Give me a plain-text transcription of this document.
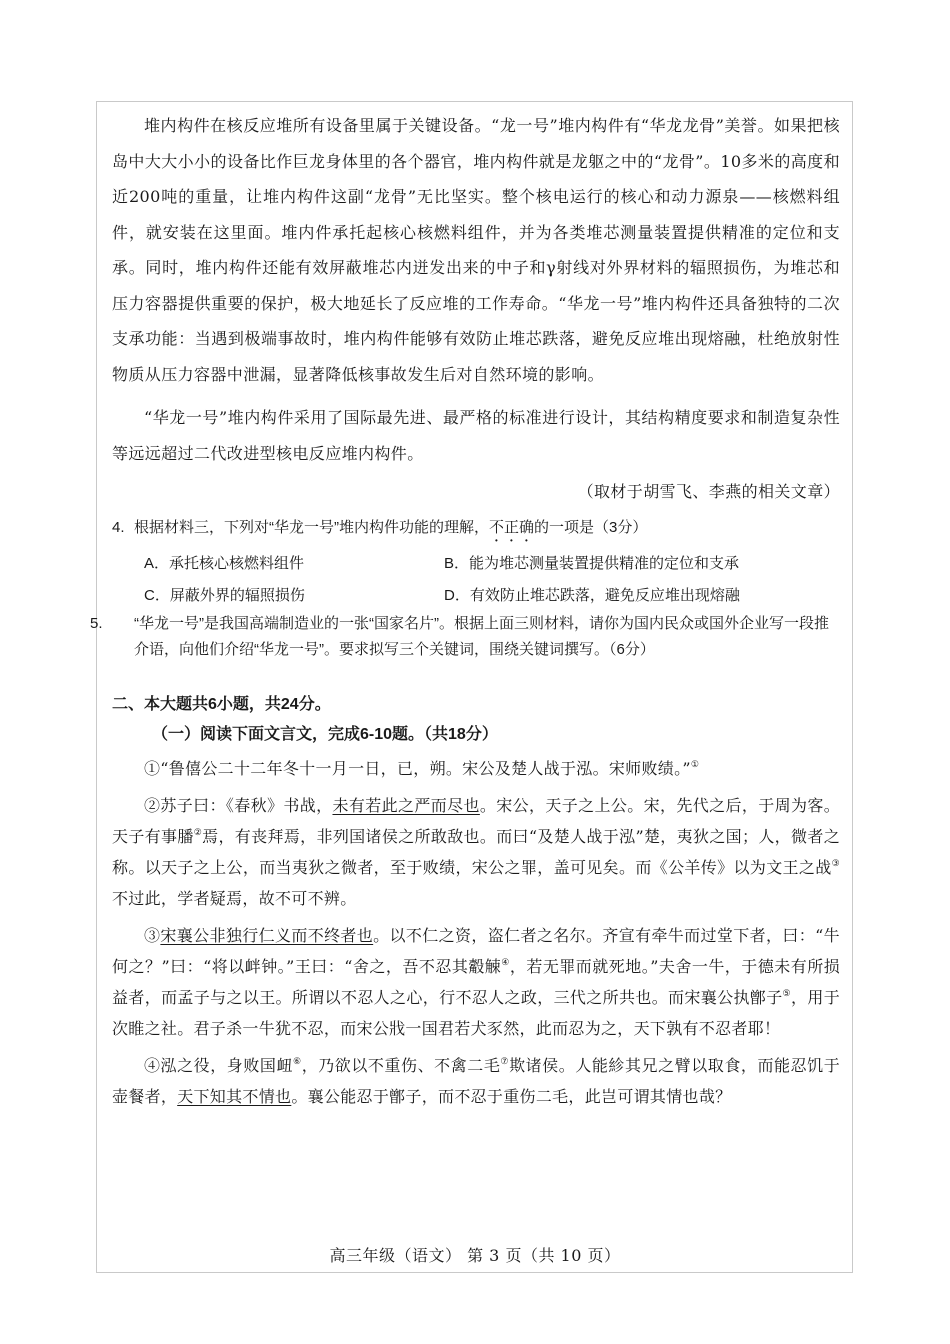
堆内构件在核反应堆所有设备里属于关键设备。“龙一号”堆内构件有“华龙龙骨”美誉。如果把核岛中大大小小的设备比作巨龙身体里的各个器官，堆内构件就是龙躯之中的“龙骨”。10多米的高度和近200吨的重量，让堆内构件这副“龙骨”无比坚实。整个核电运行的核心和动力源泉——核燃料组件，就安装在这里面。堆内件承托起核心核燃料组件，并为各类堆芯测量装置提供精准的定位和支承。同时，堆内构件还能有效屏蔽堆芯内迸发出来的中子和γ射线对外界材料的辐照损伤，为堆芯和压力容器提供重要的保护，极大地延长了反应堆的工作寿命。“华龙一号”堆内构件还具备独特的二次支承功能：当遇到极端事故时，堆内构件能够有效防止堆芯跌落，避免反应堆出现熔融，杜绝放射性物质从压力容器中泄漏，显著降低核事故发生后对自然环境的影响。

“华龙一号”堆内构件采用了国际最先进、最严格的标准进行设计，其结构精度要求和制造复杂性等远远超过二代改进型核电反应堆内构件。

（取材于胡雪飞、李燕的相关文章）

4. 根据材料三，下列对“华龙一号”堆内构件功能的理解，不正确的一项是（3分）

A．承托核心核燃料组件	B．能为堆芯测量装置提供精准的定位和支承
C．屏蔽外界的辐照损伤	D．有效防止堆芯跌落，避免反应堆出现熔融

5. “华龙一号”是我国高端制造业的一张“国家名片”。根据上面三则材料，请你为国内民众或国外企业写一段推介语，向他们介绍“华龙一号”。要求拟写三个关键词，围绕关键词撰写。（6分）

二、本大题共6小题，共24分。
（一）阅读下面文言文，完成6-10题。（共18分）

①“鲁僖公二十二年冬十一月一日，已，朔。宋公及楚人战于泓。宋师败绩。”①

②苏子曰：《春秋》书战，未有若此之严而尽也。宋公，天子之上公。宋，先代之后，于周为客。天子有事膰②焉，有丧拜焉，非列国诸侯之所敢敌也。而曰“及楚人战于泓”楚，夷狄之国；人，微者之称。以天子之上公，而当夷狄之微者，至于败绩，宋公之罪，盖可见矣。而《公羊传》以为文王之战③不过此，学者疑焉，故不可不辨。

③宋襄公非独行仁义而不终者也。以不仁之资，盗仁者之名尔。齐宣有牵牛而过堂下者，曰：“牛何之？”曰：“将以衅钟。”王曰：“舍之，吾不忍其觳觫④，若无罪而就死地。”夫舍一牛，于德未有所损益者，而孟子与之以王。所谓以不忍人之心，行不忍人之政，三代之所共也。而宋襄公执鄫子⑤，用于次睢之社。君子杀一牛犹不忍，而宋公戕一国君若犬豕然，此而忍为之，天下孰有不忍者耶！

④泓之役，身败国衄⑥，乃欲以不重伤、不禽二毛⑦欺诸侯。人能紾其兄之臂以取食，而能忍饥于壶餐者，天下知其不情也。襄公能忍于鄫子，而不忍于重伤二毛，此岂可谓其情也哉？

高三年级（语文） 第 3 页（共 10 页）
